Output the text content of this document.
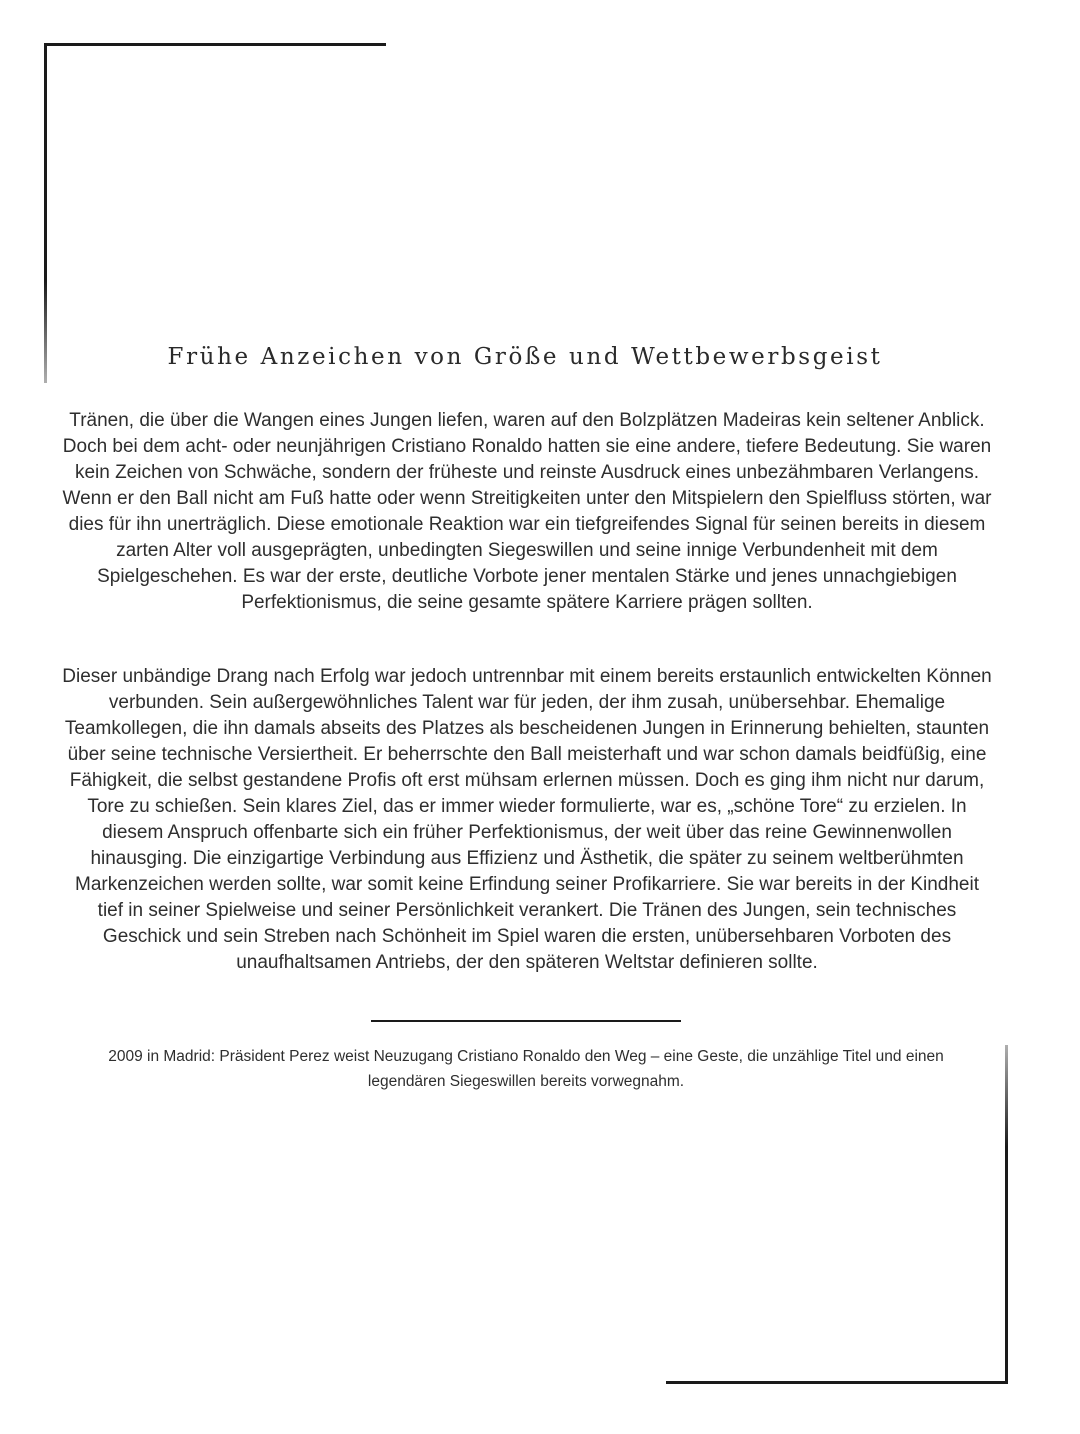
Frühe Anzeichen von Größe und Wettbewerbsgeist

Tränen, die über die Wangen eines Jungen liefen, waren auf den Bolzplätzen Madeiras kein seltener Anblick. Doch bei dem acht- oder neunjährigen Cristiano Ronaldo hatten sie eine andere, tiefere Bedeutung. Sie waren kein Zeichen von Schwäche, sondern der früheste und reinste Ausdruck eines unbezähmbaren Verlangens. Wenn er den Ball nicht am Fuß hatte oder wenn Streitigkeiten unter den Mitspielern den Spielfluss störten, war dies für ihn unerträglich. Diese emotionale Reaktion war ein tiefgreifendes Signal für seinen bereits in diesem zarten Alter voll ausgeprägten, unbedingten Siegeswillen und seine innige Verbundenheit mit dem Spielgeschehen. Es war der erste, deutliche Vorbote jener mentalen Stärke und jenes unnachgiebigen Perfektionismus, die seine gesamte spätere Karriere prägen sollten.

Dieser unbändige Drang nach Erfolg war jedoch untrennbar mit einem bereits erstaunlich entwickelten Können verbunden. Sein außergewöhnliches Talent war für jeden, der ihm zusah, unübersehbar. Ehemalige Teamkollegen, die ihn damals abseits des Platzes als bescheidenen Jungen in Erinnerung behielten, staunten über seine technische Versiertheit. Er beherrschte den Ball meisterhaft und war schon damals beidfüßig, eine Fähigkeit, die selbst gestandene Profis oft erst mühsam erlernen müssen. Doch es ging ihm nicht nur darum, Tore zu schießen. Sein klares Ziel, das er immer wieder formulierte, war es, „schöne Tore“ zu erzielen. In diesem Anspruch offenbarte sich ein früher Perfektionismus, der weit über das reine Gewinnenwollen hinausging. Die einzigartige Verbindung aus Effizienz und Ästhetik, die später zu seinem weltberühmten Markenzeichen werden sollte, war somit keine Erfindung seiner Profikarriere. Sie war bereits in der Kindheit tief in seiner Spielweise und seiner Persönlichkeit verankert. Die Tränen des Jungen, sein technisches Geschick und sein Streben nach Schönheit im Spiel waren die ersten, unübersehbaren Vorboten des unaufhaltsamen Antriebs, der den späteren Weltstar definieren sollte.

2009 in Madrid: Präsident Perez weist Neuzugang Cristiano Ronaldo den Weg – eine Geste, die unzählige Titel und einen legendären Siegeswillen bereits vorwegnahm.
